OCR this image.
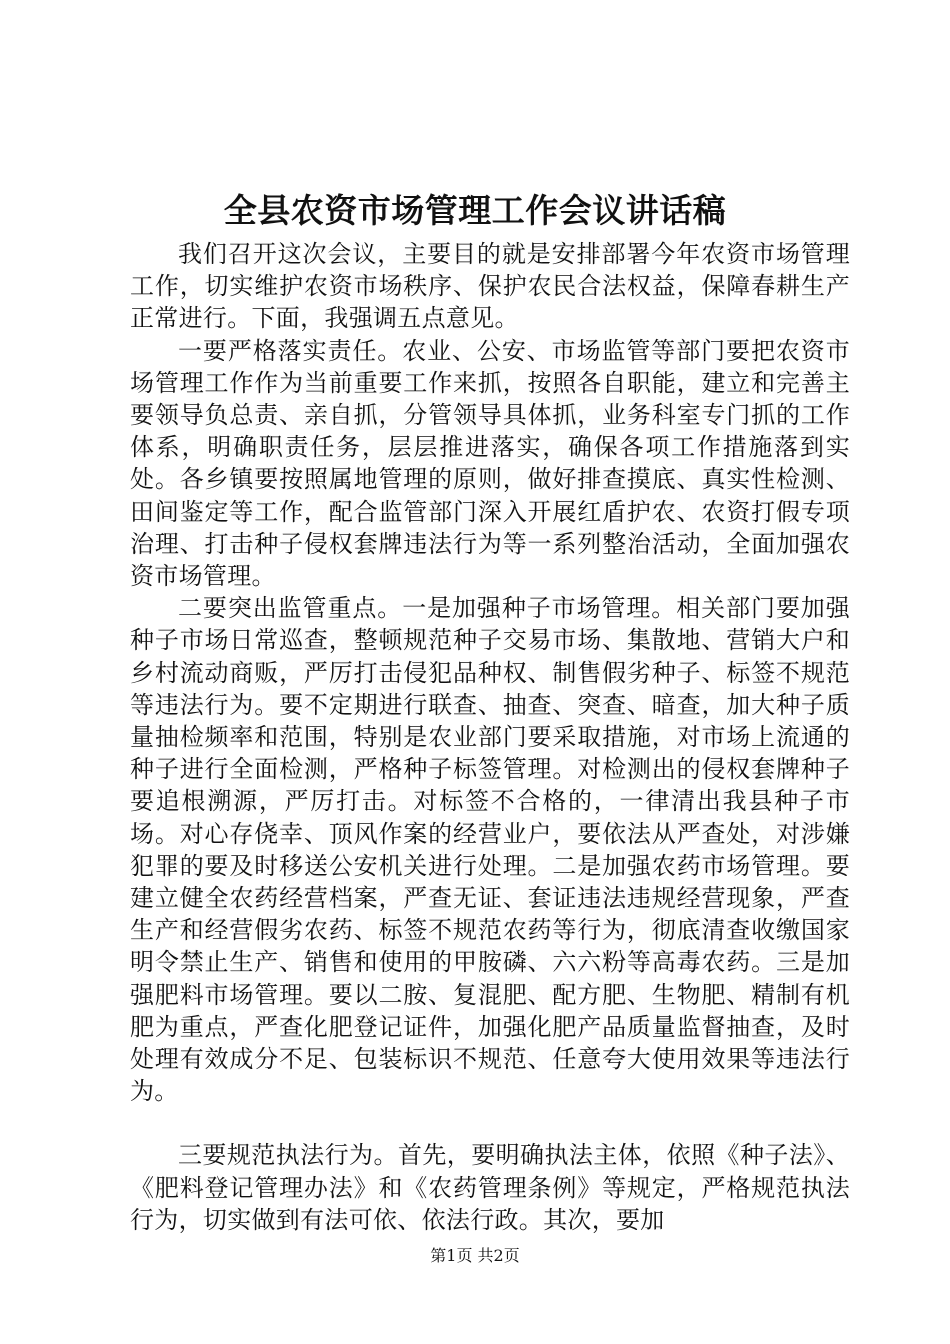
全县农资市场管理工作会议讲话稿

我们召开这次会议，主要目的就是安排部署今年农资市场管理工作，切实维护农资市场秩序、保护农民合法权益，保障春耕生产正常进行。下面，我强调五点意见。

一要严格落实责任。农业、公安、市场监管等部门要把农资市场管理工作作为当前重要工作来抓，按照各自职能，建立和完善主要领导负总责、亲自抓，分管领导具体抓，业务科室专门抓的工作体系，明确职责任务，层层推进落实，确保各项工作措施落到实处。各乡镇要按照属地管理的原则，做好排查摸底、真实性检测、田间鉴定等工作，配合监管部门深入开展红盾护农、农资打假专项治理、打击种子侵权套牌违法行为等一系列整治活动，全面加强农资市场管理。

二要突出监管重点。一是加强种子市场管理。相关部门要加强种子市场日常巡查，整顿规范种子交易市场、集散地、营销大户和乡村流动商贩，严厉打击侵犯品种权、制售假劣种子、标签不规范等违法行为。要不定期进行联查、抽查、突查、暗查，加大种子质量抽检频率和范围，特别是农业部门要采取措施，对市场上流通的种子进行全面检测，严格种子标签管理。对检测出的侵权套牌种子要追根溯源，严厉打击。对标签不合格的，一律清出我县种子市场。对心存侥幸、顶风作案的经营业户，要依法从严查处，对涉嫌犯罪的要及时移送公安机关进行处理。二是加强农药市场管理。要建立健全农药经营档案，严查无证、套证违法违规经营现象，严查生产和经营假劣农药、标签不规范农药等行为，彻底清查收缴国家明令禁止生产、销售和使用的甲胺磷、六六粉等高毒农药。三是加强肥料市场管理。要以二胺、复混肥、配方肥、生物肥、精制有机肥为重点，严查化肥登记证件，加强化肥产品质量监督抽查，及时处理有效成分不足、包装标识不规范、任意夸大使用效果等违法行为。

三要规范执法行为。首先，要明确执法主体，依照《种子法》、《肥料登记管理办法》和《农药管理条例》等规定，严格规范执法行为，切实做到有法可依、依法行政。其次，要加

第1页 共2页
